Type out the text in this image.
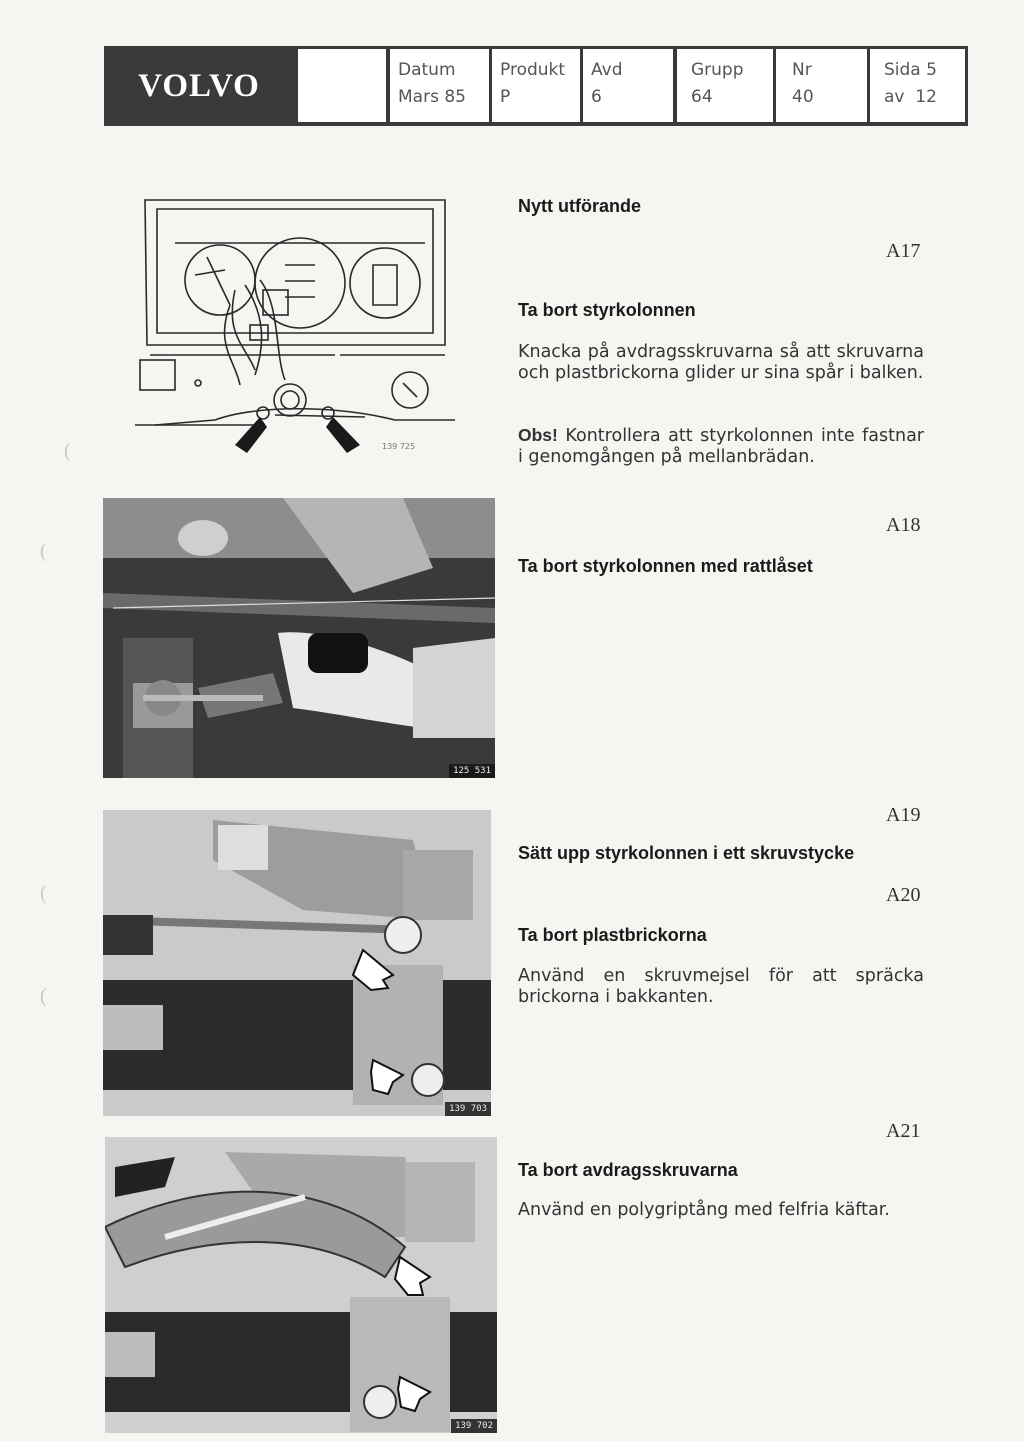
VOLVO	Datum
Mars 85
Produkt
P
Avd
6
Grupp
64
Nr
40
Sida 5
av  12
(
(
(
(
139 725
Nytt utförande
A17
Ta bort styrkolonnen
Knacka på avdragsskruvarna så att skruvarna och plastbrickorna glider ur sina spår i balken.
Obs! Kontrollera att styrkolonnen inte fastnar i genomgången på mellanbrädan.
125 531
A18
Ta bort styrkolonnen med rattlåset
139 703
A19
Sätt upp styrkolonnen i ett skruvstycke
A20
Ta bort plastbrickorna
Använd en skruvmejsel för att spräcka brickorna i bakkanten.
139 702
A21
Ta bort avdragsskruvarna
Använd en polygriptång med felfria käftar.
